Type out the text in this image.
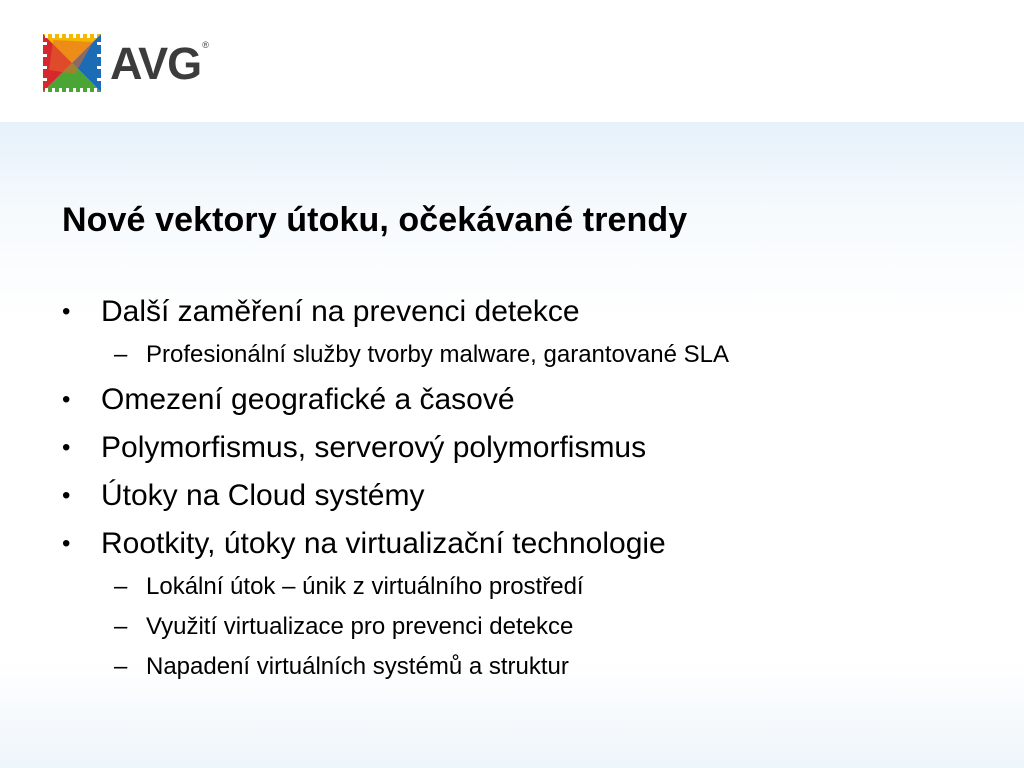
AVG®
Nové vektory útoku, očekávané trendy
• Další zaměření na prevenci detekce
– Profesionální služby tvorby malware, garantované SLA
• Omezení geografické a časové
• Polymorfismus, serverový polymorfismus
• Útoky na Cloud systémy
• Rootkity, útoky na virtualizační technologie
– Lokální útok – únik z virtuálního prostředí
– Využití virtualizace pro prevenci detekce
– Napadení virtuálních systémů a struktur
